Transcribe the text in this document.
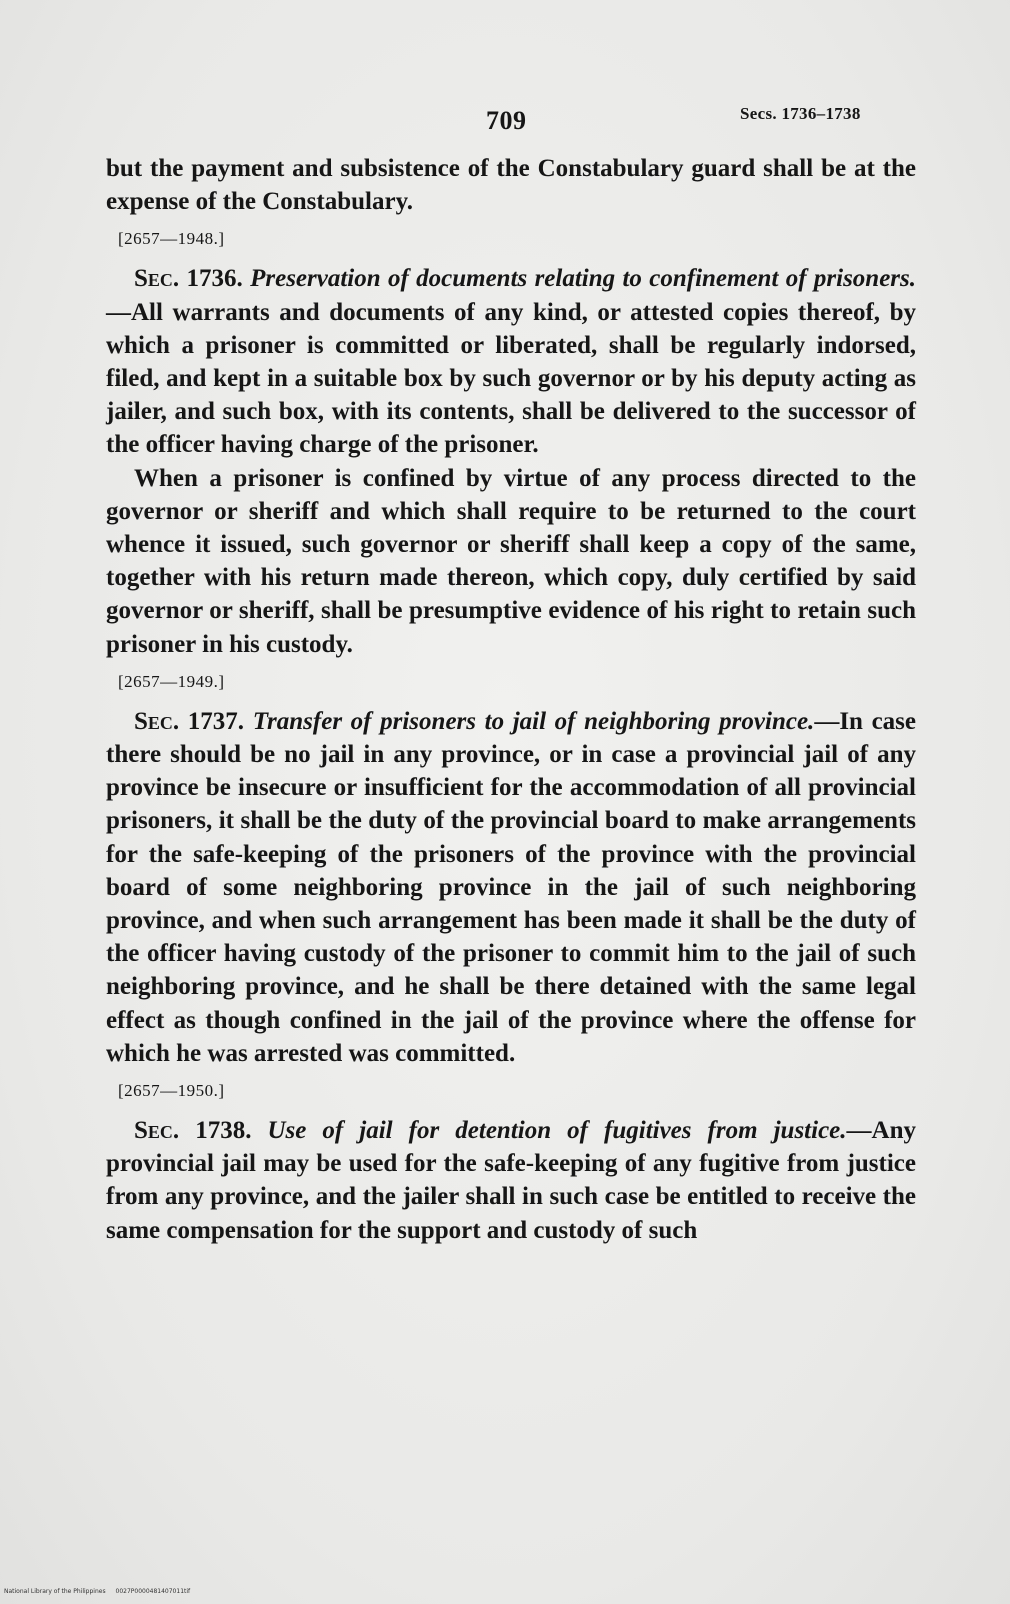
709	Secs. 1736–1738

but the payment and subsistence of the Constabulary guard shall be at the expense of the Constabulary.

[2657—1948.]

Sec. 1736. Preservation of documents relating to confinement of prisoners.—All warrants and documents of any kind, or attested copies thereof, by which a prisoner is committed or liberated, shall be regularly indorsed, filed, and kept in a suitable box by such governor or by his deputy acting as jailer, and such box, with its contents, shall be delivered to the successor of the officer having charge of the prisoner.

When a prisoner is confined by virtue of any process directed to the governor or sheriff and which shall require to be returned to the court whence it issued, such governor or sheriff shall keep a copy of the same, together with his return made thereon, which copy, duly certified by said governor or sheriff, shall be presumptive evidence of his right to retain such prisoner in his custody.

[2657—1949.]

Sec. 1737. Transfer of prisoners to jail of neighboring province.—In case there should be no jail in any province, or in case a provincial jail of any province be insecure or insufficient for the accommodation of all provincial prisoners, it shall be the duty of the provincial board to make arrangements for the safe-keeping of the prisoners of the province with the provincial board of some neighboring province in the jail of such neighboring province, and when such arrangement has been made it shall be the duty of the officer having custody of the prisoner to commit him to the jail of such neighboring province, and he shall be there detained with the same legal effect as though confined in the jail of the province where the offense for which he was arrested was committed.

[2657—1950.]

Sec. 1738. Use of jail for detention of fugitives from justice.—Any provincial jail may be used for the safe-keeping of any fugitive from justice from any province, and the jailer shall in such case be entitled to receive the same compensation for the support and custody of such

National Library of the Philippines 0027P0000481407011tif
